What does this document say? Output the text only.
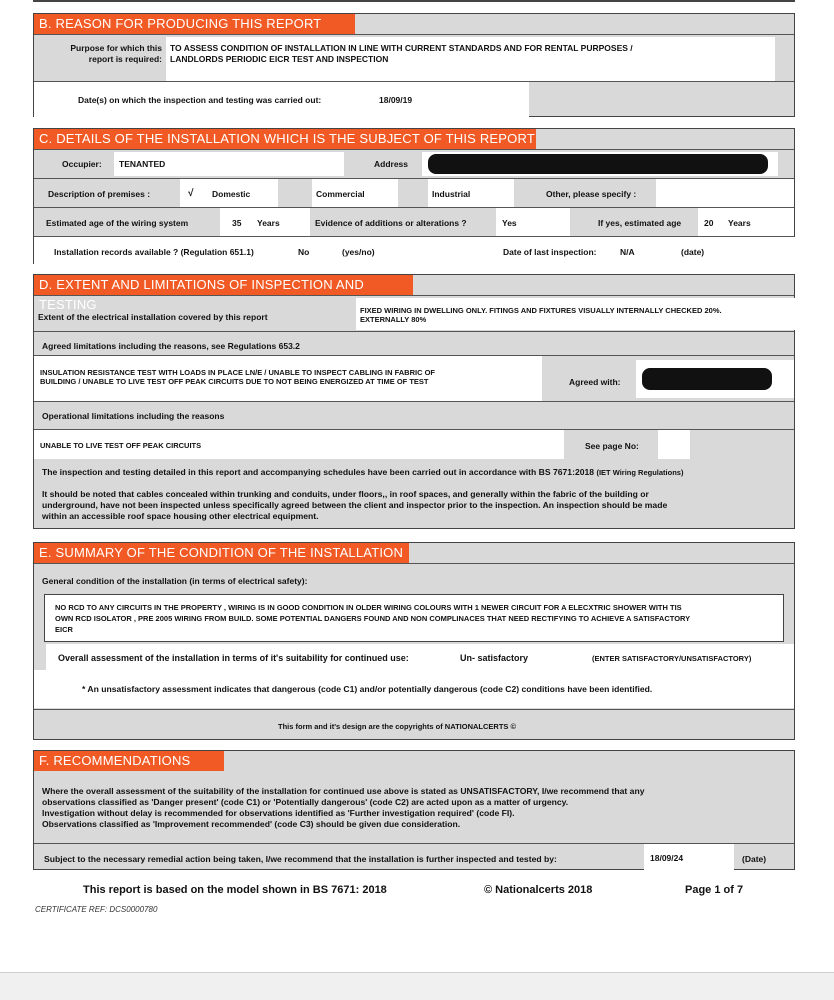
B. REASON FOR PRODUCING THIS REPORT
Purpose for which this
report is required:
TO ASSESS CONDITION OF INSTALLATION IN LINE WITH CURRENT STANDARDS AND FOR RENTAL PURPOSES /
LANDLORDS PERIODIC EICR TEST AND INSPECTION
Date(s) on which the inspection and testing was carried out:	18/09/19
C. DETAILS OF THE INSTALLATION WHICH IS THE SUBJECT OF THIS REPORT
Occupier: TENANTED	Address
Description of premises :	√ Domestic	Commercial	Industrial	Other, please specify :
Estimated age of the wiring system	35 Years	Evidence of additions or alterations ?	Yes	If yes, estimated age	20 Years
Installation records available ? (Regulation 651.1)	No	(yes/no)	Date of last inspection:	N/A	(date)
D. EXTENT AND LIMITATIONS OF INSPECTION AND TESTING
Extent of the electrical installation covered by this report
FIXED WIRING IN DWELLING ONLY. FITINGS AND FIXTURES VISUALLY INTERNALLY CHECKED 20%.
EXTERNALLY 80%
Agreed limitations including the reasons, see Regulations 653.2
INSULATION RESISTANCE TEST WITH LOADS IN PLACE LN/E / UNABLE TO INSPECT CABLING IN FABRIC OF
BUILDING / UNABLE TO LIVE TEST OFF PEAK CIRCUITS DUE TO NOT BEING ENERGIZED AT TIME OF TEST	Agreed with:
Operational limitations including the reasons
UNABLE TO LIVE TEST OFF PEAK CIRCUITS	See page No:
The inspection and testing detailed in this report and accompanying schedules have been carried out in accordance with BS 7671:2018 (IET Wiring Regulations)
It should be noted that cables concealed within trunking and conduits, under floors,, in roof spaces, and generally within the fabric of the building or
underground, have not been inspected unless specifically agreed between the client and inspector prior to the inspection. An inspection should be made
within an accessible roof space housing other electrical equipment.
E. SUMMARY OF THE CONDITION OF THE INSTALLATION
General condition of the installation (in terms of electrical safety):
NO RCD TO ANY CIRCUITS IN THE PROPERTY , WIRING IS IN GOOD CONDITION IN OLDER WIRING COLOURS WITH 1 NEWER CIRCUIT FOR A ELECXTRIC SHOWER WITH TIS
OWN RCD ISOLATOR , PRE 2005 WIRING FROM BUILD. SOME POTENTIAL DANGERS FOUND AND NON COMPLINACES THAT NEED RECTIFYING TO ACHIEVE A SATISFACTORY
EICR
Overall assessment of the installation in terms of it's suitability for continued use:	Un- satisfactory	(ENTER SATISFACTORY/UNSATISFACTORY)
* An unsatisfactory assessment indicates that dangerous (code C1) and/or potentially dangerous (code C2) conditions have been identified.
This form and it's design are the copyrights of NATIONALCERTS ©
F. RECOMMENDATIONS
Where the overall assessment of the suitability of the installation for continued use above is stated as UNSATISFACTORY, I/we recommend that any
observations classified as 'Danger present' (code C1) or 'Potentially dangerous' (code C2) are acted upon as a matter of urgency.
Investigation without delay is recommended for observations identified as 'Further investigation required' (code FI).
Observations classified as 'Improvement recommended' (code C3) should be given due consideration.
Subject to the necessary remedial action being taken, I/we recommend that the installation is further inspected and tested by:	18/09/24	(Date)
This report is based on the model shown in BS 7671: 2018	© Nationalcerts 2018	Page 1 of 7
CERTIFICATE REF: DCS0000780
